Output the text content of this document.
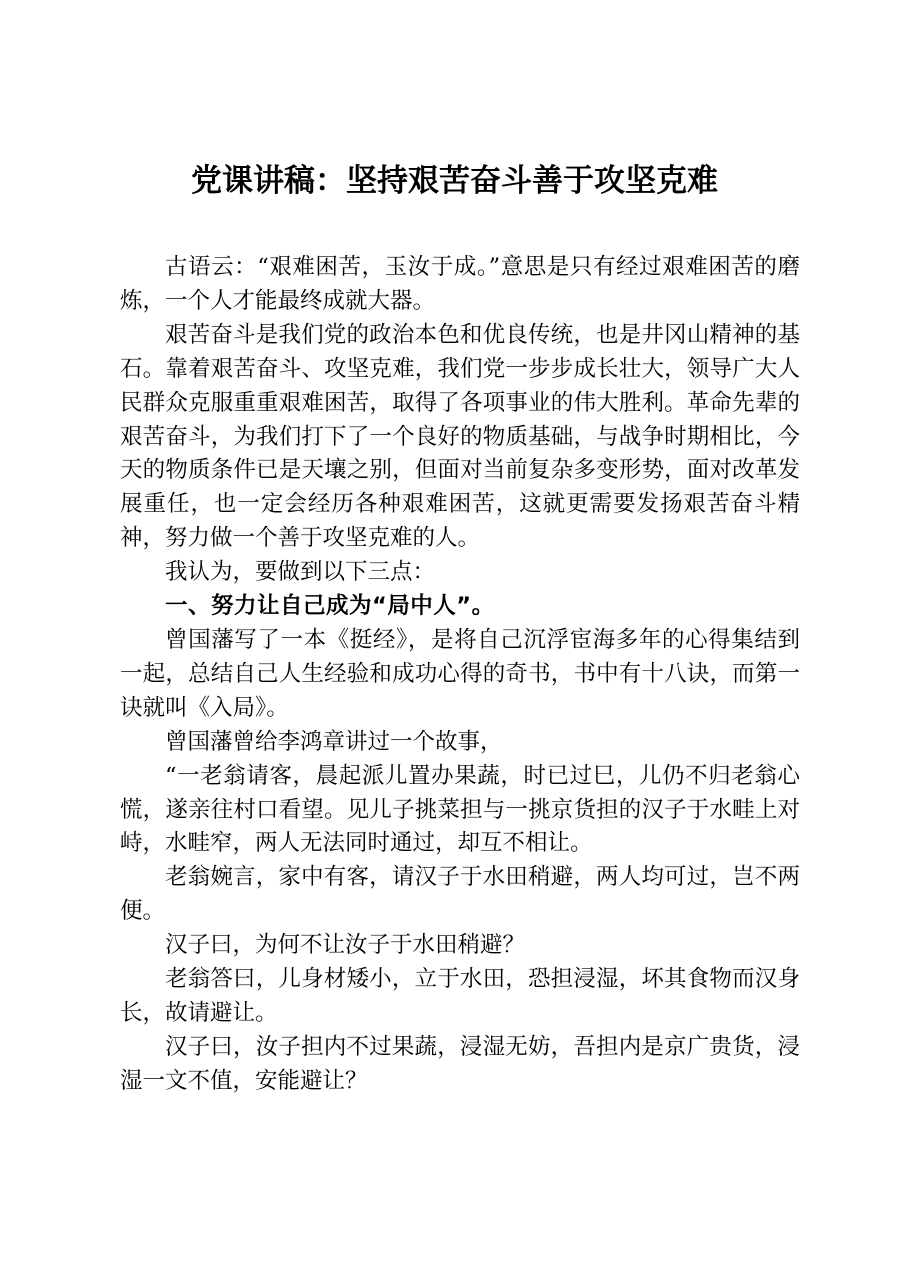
党课讲稿：坚持艰苦奋斗善于攻坚克难

古语云：“艰难困苦，玉汝于成。”意思是只有经过艰难困苦的磨炼，一个人才能最终成就大器。

艰苦奋斗是我们党的政治本色和优良传统，也是井冈山精神的基石。靠着艰苦奋斗、攻坚克难，我们党一步步成长壮大，领导广大人民群众克服重重艰难困苦，取得了各项事业的伟大胜利。革命先辈的艰苦奋斗，为我们打下了一个良好的物质基础，与战争时期相比，今天的物质条件已是天壤之别，但面对当前复杂多变形势，面对改革发展重任，也一定会经历各种艰难困苦，这就更需要发扬艰苦奋斗精神，努力做一个善于攻坚克难的人。

我认为，要做到以下三点：

一、努力让自己成为“局中人”。

曾国藩写了一本《挺经》，是将自己沉浮宦海多年的心得集结到一起，总结自己人生经验和成功心得的奇书，书中有十八诀，而第一诀就叫《入局》。

曾国藩曾给李鸿章讲过一个故事，

“一老翁请客，晨起派儿置办果蔬，时已过巳，儿仍不归老翁心慌，遂亲往村口看望。见儿子挑菜担与一挑京货担的汉子于水畦上对峙，水畦窄，两人无法同时通过，却互不相让。

老翁婉言，家中有客，请汉子于水田稍避，两人均可过，岂不两便。

汉子曰，为何不让汝子于水田稍避？

老翁答曰，儿身材矮小，立于水田，恐担浸湿，坏其食物而汉身长，故请避让。

汉子曰，汝子担内不过果蔬，浸湿无妨，吾担内是京广贵货，浸湿一文不值，安能避让？
